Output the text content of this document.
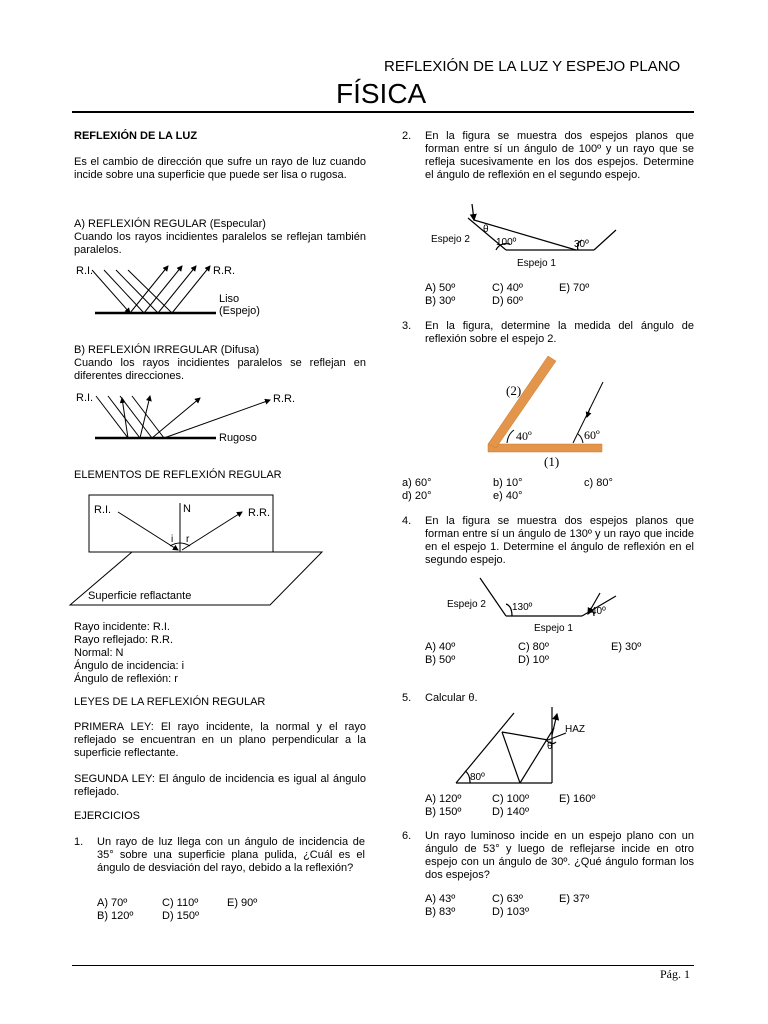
REFLEXIÓN DE LA LUZ Y ESPEJO PLANO
FÍSICA
REFLEXIÓN DE LA LUZ
Es el cambio de dirección que sufre un rayo de luz cuando incide sobre una superficie que puede ser lisa o rugosa.
A) REFLEXIÓN REGULAR (Especular)
Cuando los rayos incidientes paralelos se reflejan también paralelos.
R.I.	R.R.
Liso
(Espejo)
B) REFLEXIÓN IRREGULAR (Difusa)
Cuando los rayos incidientes paralelos se reflejan en diferentes direcciones.
R.I.	R.R.
Rugoso
ELEMENTOS DE REFLEXIÓN REGULAR
R.I.	N	R.R.
i r
Superficie reflactante
Rayo incidente: R.I.
Rayo reflejado: R.R.
Normal: N
Ángulo de incidencia: i
Ángulo de reflexión: r
LEYES DE LA REFLEXIÓN REGULAR
PRIMERA LEY: El rayo incidente, la normal y el rayo reflejado se encuentran en un plano perpendicular a la superficie reflectante.
SEGUNDA LEY: El ángulo de incidencia es igual al ángulo reflejado.
EJERCICIOS
1. Un rayo de luz llega con un ángulo de incidencia de 35° sobre una superficie plana pulida, ¿Cuál es el ángulo de desviación del rayo, debido a la reflexión?
A) 70º	C) 110º	E) 90º
B) 120º	D) 150º
2. En la figura se muestra dos espejos planos que forman entre sí un ángulo de 100º y un rayo que se refleja sucesivamente en los dos espejos. Determine el ángulo de reflexión en el segundo espejo.
θ
100º	30º
Espejo 2
Espejo 1
A) 50º	C) 40º	E) 70º
B) 30º	D) 60º
3. En la figura, determine la medida del ángulo de reflexión sobre el espejo 2.
(2)
(1)
40º	60º
a) 60°	b) 10°	c) 80°
d) 20°	e) 40°
4. En la figura se muestra dos espejos planos que forman entre sí un ángulo de 130º y un rayo que incide en el espejo 1. Determine el ángulo de reflexión en el segundo espejo.
Espejo 2
Espejo 1
130º	40º
A) 40º	C) 80º	E) 30º
B) 50º	D) 10º
5. Calcular θ.
HAZ
θ
80º
A) 120º	C) 100º	E) 160º
B) 150º	D) 140º
6. Un rayo luminoso incide en un espejo plano con un ángulo de 53° y luego de reflejarse incide en otro espejo con un ángulo de 30º. ¿Qué ángulo forman los dos espejos?
A) 43º	C) 63º	E) 37º
B) 83º	D) 103º
Pág. 1
